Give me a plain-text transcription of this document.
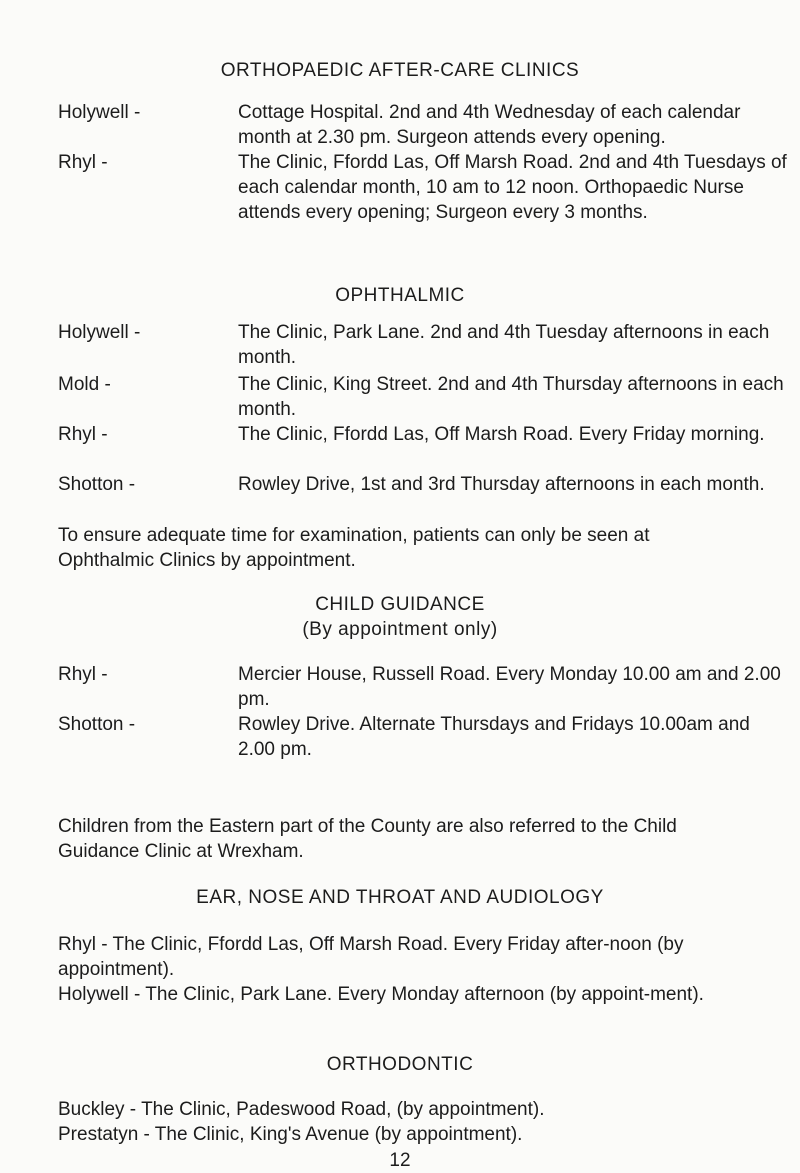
ORTHOPAEDIC AFTER-CARE CLINICS
Holywell -	Cottage Hospital. 2nd and 4th Wednesday of each calendar month at 2.30 pm. Surgeon attends every opening.
Rhyl -	The Clinic, Ffordd Las, Off Marsh Road. 2nd and 4th Tuesdays of each calendar month, 10 am to 12 noon. Orthopaedic Nurse attends every opening; Surgeon every 3 months.
OPHTHALMIC
Holywell -	The Clinic, Park Lane. 2nd and 4th Tuesday afternoons in each month.
Mold -	The Clinic, King Street. 2nd and 4th Thursday afternoons in each month.
Rhyl -	The Clinic, Ffordd Las, Off Marsh Road. Every Friday morning.
Shotton -	Rowley Drive, 1st and 3rd Thursday afternoons in each month.
To ensure adequate time for examination, patients can only be seen at Ophthalmic Clinics by appointment.
CHILD GUIDANCE
(By appointment only)
Rhyl -	Mercier House, Russell Road. Every Monday 10.00 am and 2.00 pm.
Shotton -	Rowley Drive. Alternate Thursdays and Fridays 10.00am and 2.00 pm.
Children from the Eastern part of the County are also referred to the Child Guidance Clinic at Wrexham.
EAR, NOSE AND THROAT AND AUDIOLOGY
Rhyl - The Clinic, Ffordd Las, Off Marsh Road. Every Friday after-noon (by appointment).
Holywell - The Clinic, Park Lane. Every Monday afternoon (by appoint-ment).
ORTHODONTIC
Buckley - The Clinic, Padeswood Road, (by appointment).
Prestatyn - The Clinic, King's Avenue (by appointment).
12
